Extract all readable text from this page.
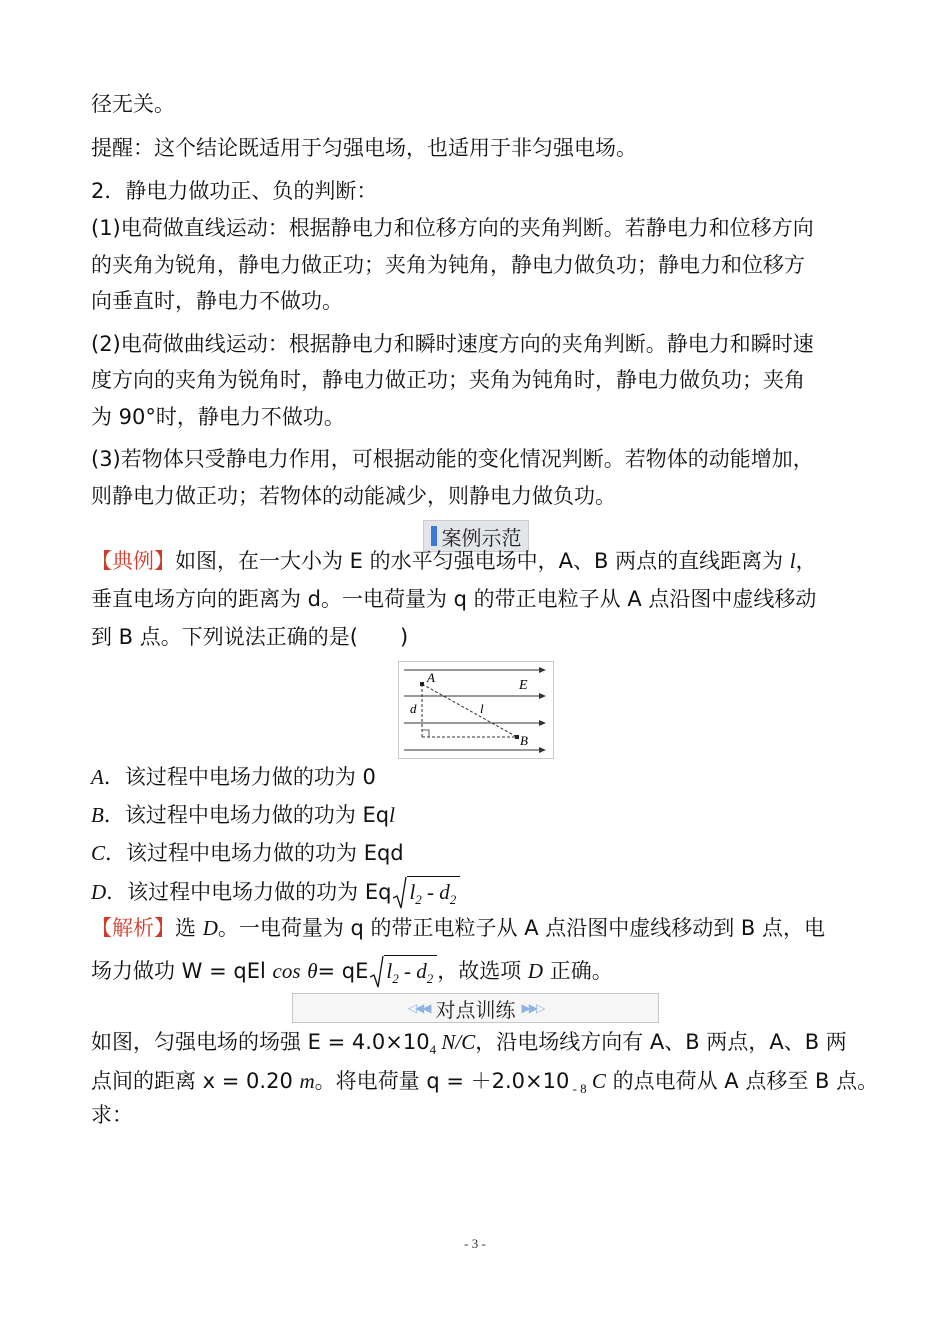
径无关。
提醒：这个结论既适用于匀强电场，也适用于非匀强电场。
2．静电力做功正、负的判断：
(1)电荷做直线运动：根据静电力和位移方向的夹角判断。若静电力和位移方向
的夹角为锐角，静电力做正功；夹角为钝角，静电力做负功；静电力和位移方
向垂直时，静电力不做功。
(2)电荷做曲线运动：根据静电力和瞬时速度方向的夹角判断。静电力和瞬时速
度方向的夹角为锐角时，静电力做正功；夹角为钝角时，静电力做负功；夹角
为 90°时，静电力不做功。
(3)若物体只受静电力作用，可根据动能的变化情况判断。若物体的动能增加，
则静电力做正功；若物体的动能减少，则静电力做负功。
案例示范
【典例】如图，在一大小为 E 的水平匀强电场中，A、B 两点的直线距离为 l，
垂直电场方向的距离为 d。一电荷量为 q 的带正电粒子从 A 点沿图中虚线移动
到 B 点。下列说法正确的是(　　)
A
E
d	l
B
A．该过程中电场力做的功为 0
B．该过程中电场力做的功为 Eql
C．该过程中电场力做的功为 Eqd
D．该过程中电场力做的功为 Eq $l_2 - d_2$
【解析】选 D。一电荷量为 q 的带正电粒子从 A 点沿图中虚线移动到 B 点，电
场力做功 W = qEl cos θ= qE $l_2 - d_2$ ，故选项 D 正确。
◁◀◀ 对点训练 ▶▶▷
如图，匀强电场的场强 $E = 4.0\times 10_4$ N/C，沿电场线方向有 A、B 两点，A、B 两
点间的距离 x = 0.20 m。将电荷量 q = ＋2.0×10 $_{- 8}$ C 的点电荷从 A 点移至 B 点。
求：
- 3 -
